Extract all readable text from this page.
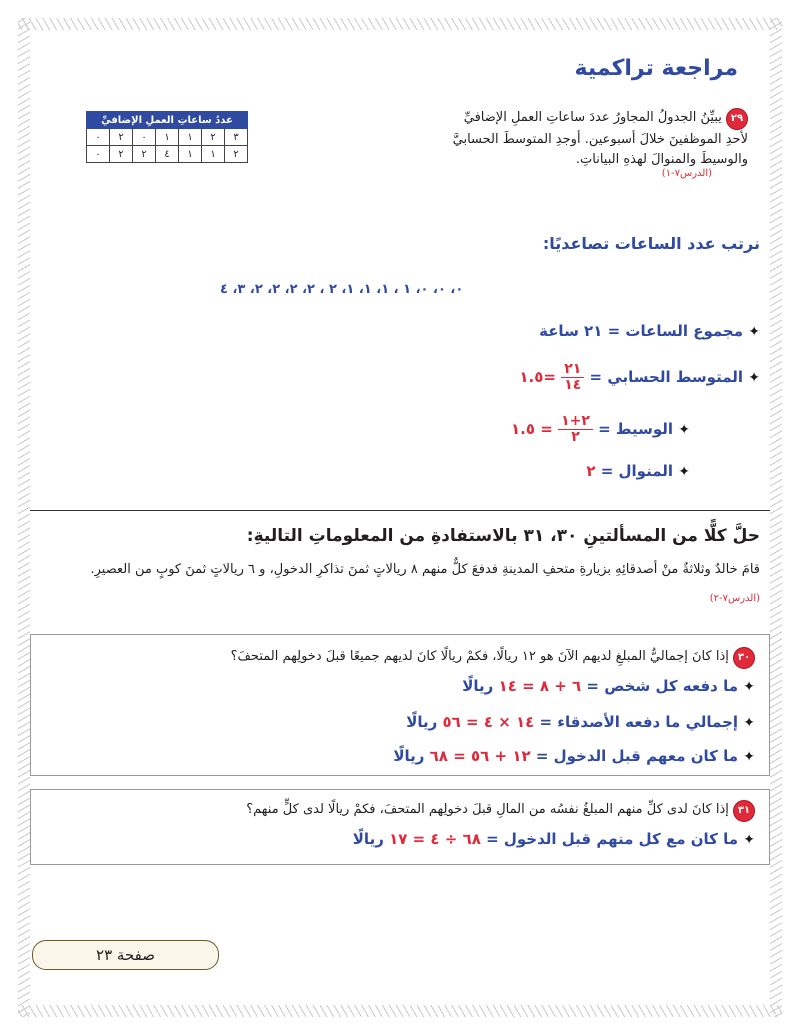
مراجعة تراكمية
٢٩ يبيِّنُ الجدولُ المجاورُ عددَ ساعاتِ العملِ الإضافيِّ لأحدِ الموظفينَ خلالَ أسبوعين. أوجدِ المتوسطَ الحسابيَّ والوسيطَ والمنوالَ لهذهِ البياناتِ.
(الدرس٧-١)
عددُ ساعاتِ العملِ الإضافيِّ						
٣	٢	١	١	٠	٢	٠
٢	١	١	٤	٢	٢	٠
نرتب عدد الساعات تصاعديًا:
٠، ٠، ٠، ١ ، ١، ١، ١، ٢ ، ٢، ٢، ٢، ٢، ٣، ٤
✦ مجموع الساعات = ٢١ ساعة
✦ المتوسط الحسابي =
$\frac{٢١}{١٤}$
=١.٥
✦ الوسيط =
$\frac{٢+١}{٢}$
= ١.٥
✦ المنوال = ٢
حلَّ كلًّا من المسألتينِ ٣٠، ٣١ بالاستفادةِ من المعلوماتِ التاليةِ:
قامَ خالدٌ وثلاثةٌ منْ أصدقائِهِ بزيارةِ متحفِ المدينةِ فدفعَ كلٌّ منهم ٨ ريالاتٍ ثمنَ تذاكرِ الدخولِ، و ٦ ريالاتٍ ثمنَ كوبٍ من العصيرِ. (الدرس٧-٢)
٣٠ إذا كانَ إجماليُّ المبلغِ لديهم الآنَ هو ١٢ ريالًا، فكمْ ريالًا كانَ لديهم جميعًا قبلَ دخولِهم المتحفَ؟
✦ ما دفعه كل شخص = ٦ + ٨ = ١٤ ريالًا
✦ إجمالي ما دفعه الأصدقاء = ١٤ × ٤ = ٥٦ ريالًا
✦ ما كان معهم قبل الدخول = ١٢ + ٥٦ = ٦٨ ريالًا
٣١ إذا كانَ لدى كلِّ منهم المبلغُ نفسُه من المالِ قبلَ دخولِهم المتحفَ، فكمْ ريالًا لدى كلٍّ منهم؟
✦ ما كان مع كل منهم قبل الدخول = ٦٨ ÷ ٤ = ١٧ ريالًا
صفحة ٢٣
